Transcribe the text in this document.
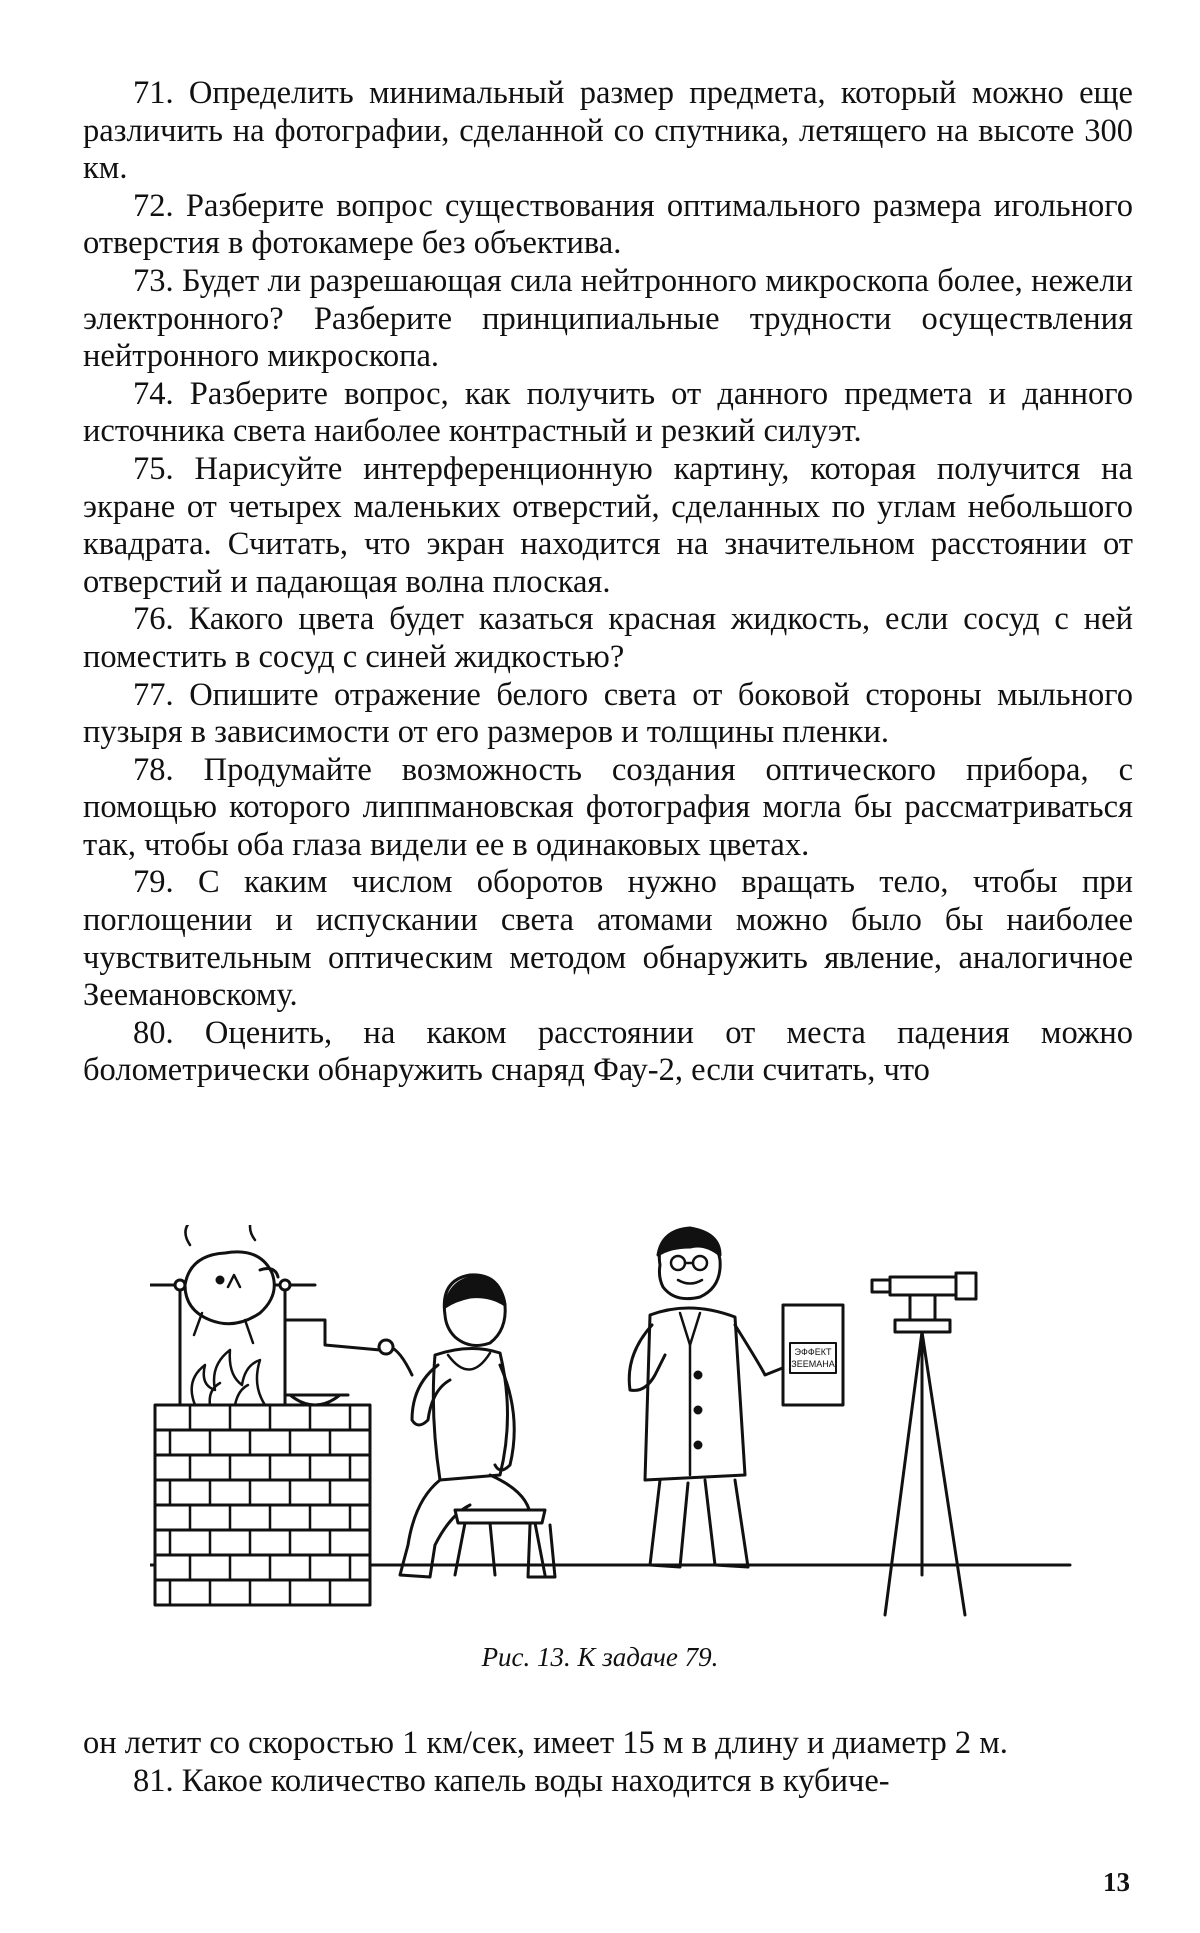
71. Определить минимальный размер предмета, который можно еще различить на фотографии, сделанной со спутника, летящего на высоте 300 км.

72. Разберите вопрос существования оптимального размера игольного отверстия в фотокамере без объектива.

73. Будет ли разрешающая сила нейтронного микроскопа более, нежели электронного? Разберите принципиальные трудности осуществления нейтронного микроскопа.

74. Разберите вопрос, как получить от данного предмета и данного источника света наиболее контрастный и резкий силуэт.

75. Нарисуйте интерференционную картину, которая получится на экране от четырех маленьких отверстий, сделанных по углам небольшого квадрата. Считать, что экран находится на значительном расстоянии от отверстий и падающая волна плоская.

76. Какого цвета будет казаться красная жидкость, если сосуд с ней поместить в сосуд с синей жидкостью?

77. Опишите отражение белого света от боковой стороны мыльного пузыря в зависимости от его размеров и толщины пленки.

78. Продумайте возможность создания оптического прибора, с помощью которого липпмановская фотография могла бы рассматриваться так, чтобы оба глаза видели ее в одинаковых цветах.

79. С каким числом оборотов нужно вращать тело, чтобы при поглощении и испускании света атомами можно было бы наиболее чувствительным оптическим методом обнаружить явление, аналогичное Зеемановскому.

80. Оценить, на каком расстоянии от места падения можно болометрически обнаружить снаряд Фау-2, если считать, что

ЭФФЕКТ
ЗЕЕМАНА
Рис. 13. К задаче 79.

он летит со скоростью 1 км/сек, имеет 15 м в длину и диаметр 2 м.

81. Какое количество капель воды находится в кубиче-

13
